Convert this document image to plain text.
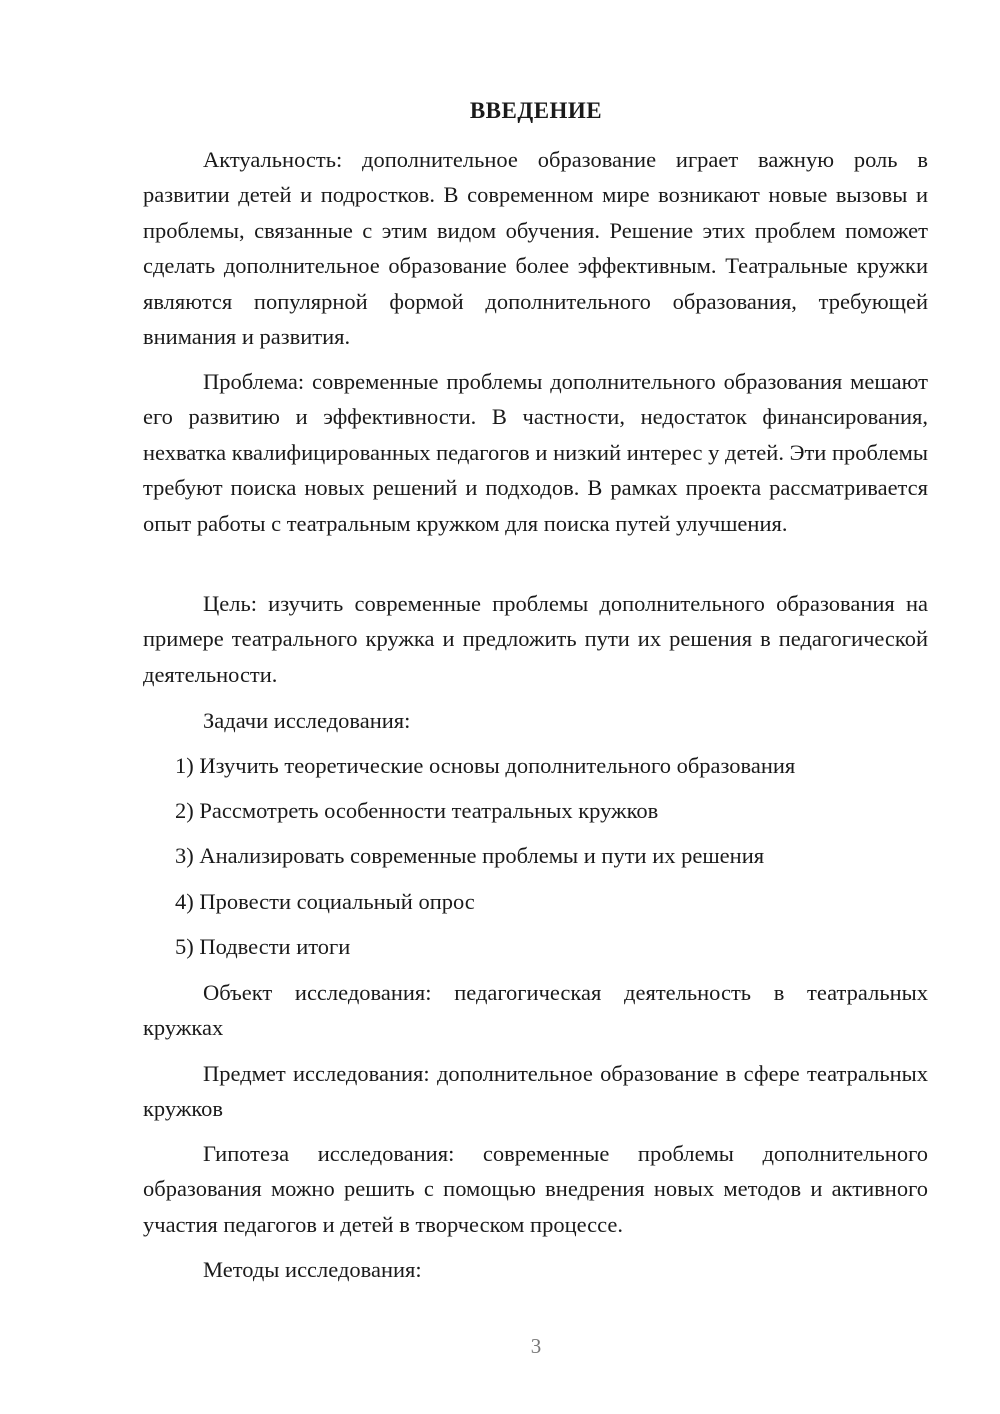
ВВЕДЕНИЕ

Актуальность: дополнительное образование играет важную роль в развитии детей и подростков. В современном мире возникают новые вызовы и проблемы, связанные с этим видом обучения. Решение этих проблем поможет сделать дополнительное образование более эффективным. Театральные кружки являются популярной формой дополнительного образования, требующей внимания и развития.

Проблема: современные проблемы дополнительного образования мешают его развитию и эффективности. В частности, недостаток финансирования, нехватка квалифицированных педагогов и низкий интерес у детей. Эти проблемы требуют поиска новых решений и подходов. В рамках проекта рассматривается опыт работы с театральным кружком для поиска путей улучшения.

Цель: изучить современные проблемы дополнительного образования на примере театрального кружка и предложить пути их решения в педагогической деятельности.

Задачи исследования:

1) Изучить теоретические основы дополнительного образования
2) Рассмотреть особенности театральных кружков
3) Анализировать современные проблемы и пути их решения
4) Провести социальный опрос
5) Подвести итоги

Объект исследования: педагогическая деятельность в театральных кружках

Предмет исследования: дополнительное образование в сфере театральных кружков

Гипотеза исследования: современные проблемы дополнительного образования можно решить с помощью внедрения новых методов и активного участия педагогов и детей в творческом процессе.

Методы исследования:

3
